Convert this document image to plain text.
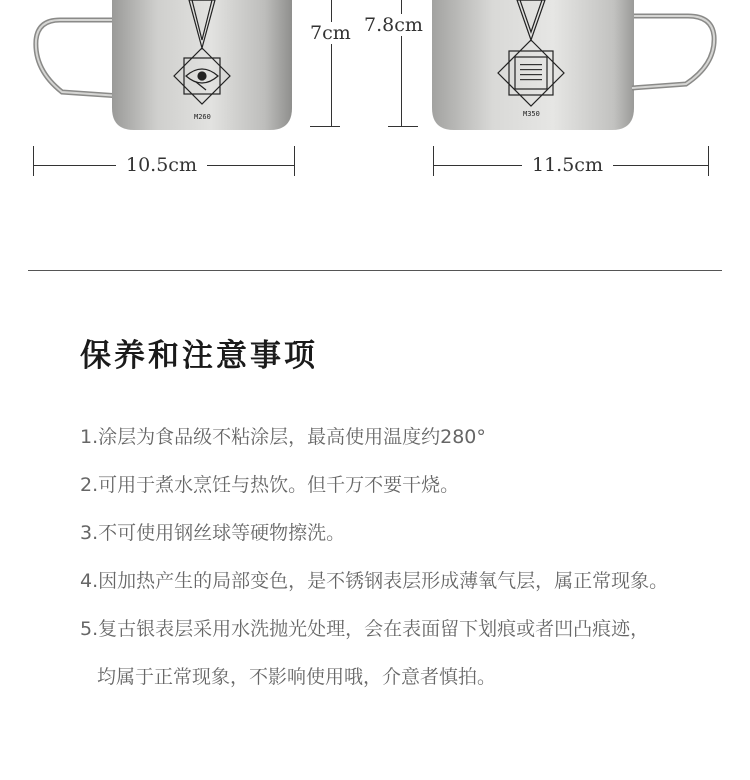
M260	M350
7cm 7.8cm
10.5cm	11.5cm
保养和注意事项
1.涂层为食品级不粘涂层，最高使用温度约280°
2.可用于煮水烹饪与热饮。但千万不要干烧。
3.不可使用钢丝球等硬物擦洗。
4.因加热产生的局部变色，是不锈钢表层形成薄氧气层，属正常现象。
5.复古银表层采用水洗抛光处理，会在表面留下划痕或者凹凸痕迹，
均属于正常现象，不影响使用哦，介意者慎拍。
